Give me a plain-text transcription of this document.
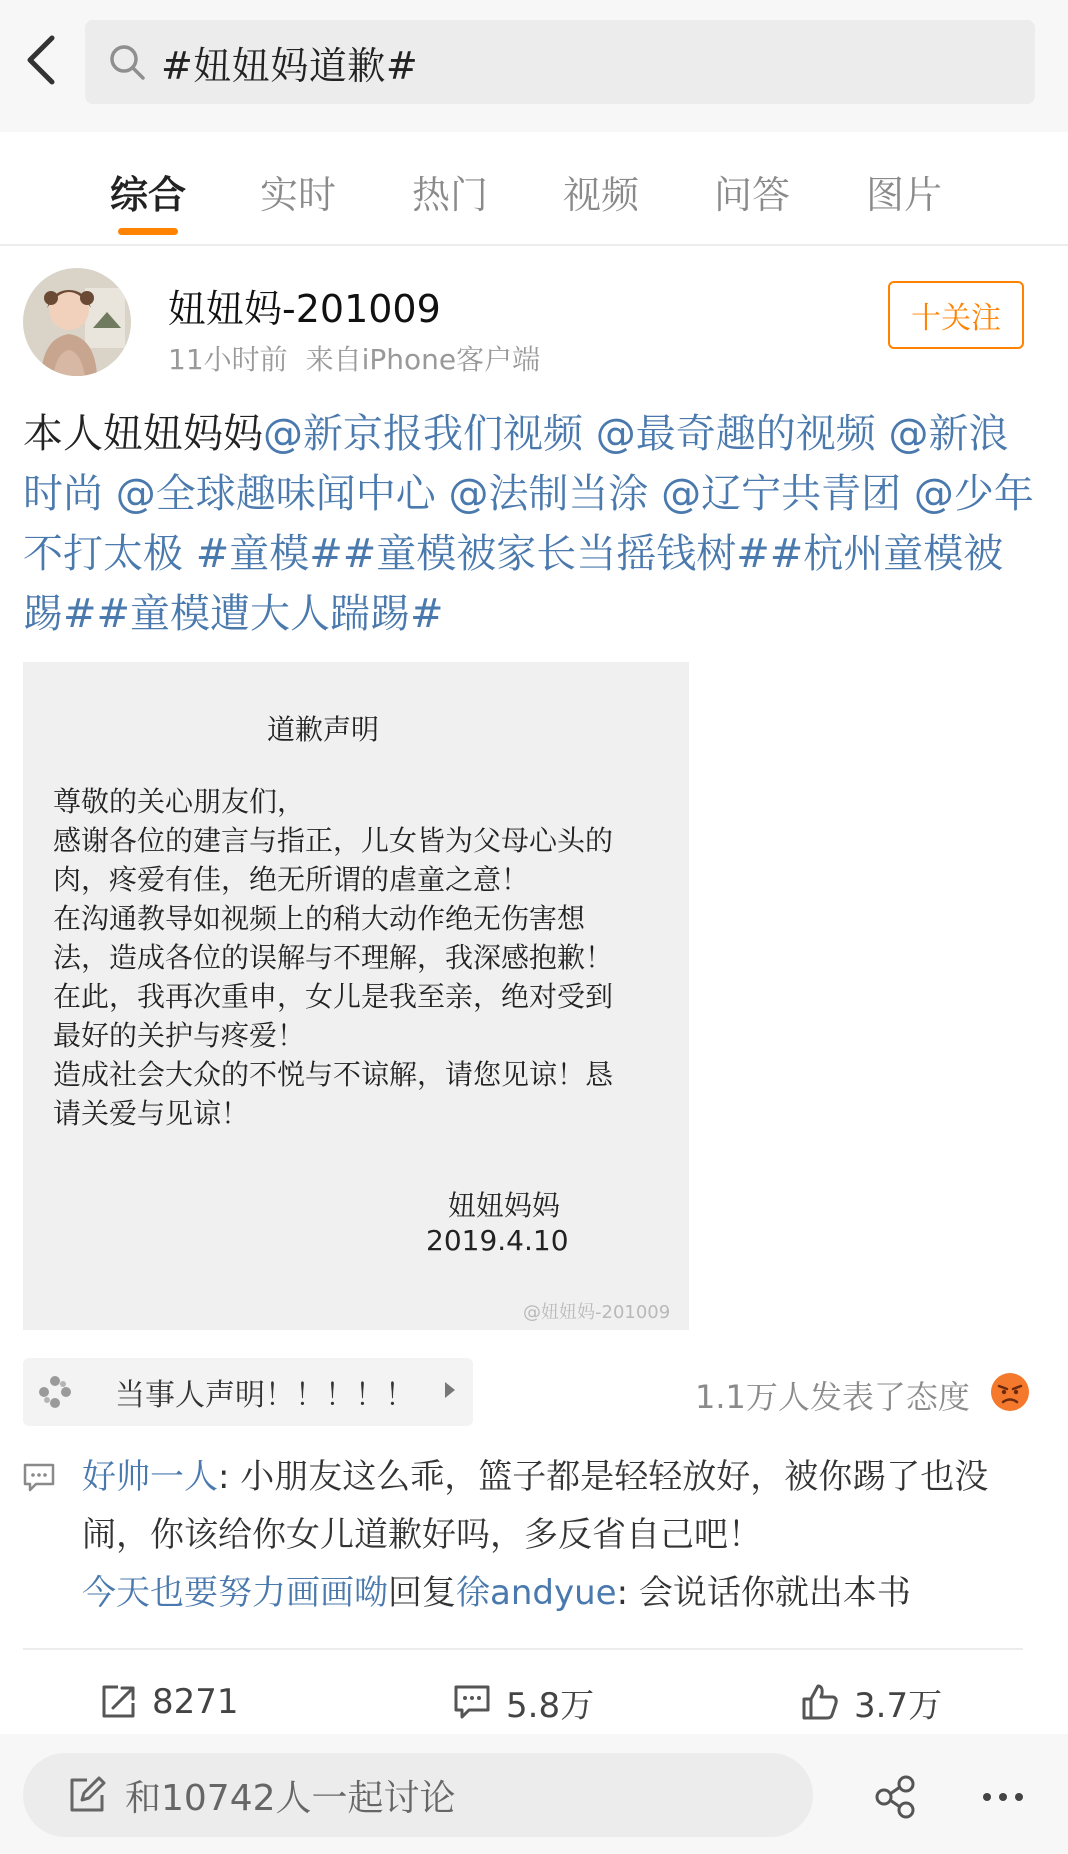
#妞妞妈道歉#
综合 实时 热门 视频 问答 图片
妞妞妈-201009
11小时前 来自iPhone客户端
十关注
本人妞妞妈妈@新京报我们视频 @最奇趣的视频 @新浪时尚 @全球趣味闻中心 @法制当涂 @辽宁共青团 @少年不打太极 #童模##童模被家长当摇钱树##杭州童模被踢##童模遭大人踹踢#
道歉声明
尊敬的关心朋友们，
感谢各位的建言与指正，儿女皆为父母心头的
肉，疼爱有佳，绝无所谓的虐童之意！
在沟通教导如视频上的稍大动作绝无伤害想
法，造成各位的误解与不理解，我深感抱歉！
在此，我再次重申，女儿是我至亲，绝对受到
最好的关护与疼爱！
造成社会大众的不悦与不谅解，请您见谅！恳
请关爱与见谅！
妞妞妈妈
2019.4.10
@妞妞妈-201009
当事人声明！！！！！	1.1万人发表了态度
好帅一人: 小朋友这么乖，篮子都是轻轻放好，被你踢了也没闹，你该给你女儿道歉好吗，多反省自己吧！
今天也要努力画画呦回复徐andyue: 会说话你就出本书
8271	5.8万	3.7万
和10742人一起讨论
